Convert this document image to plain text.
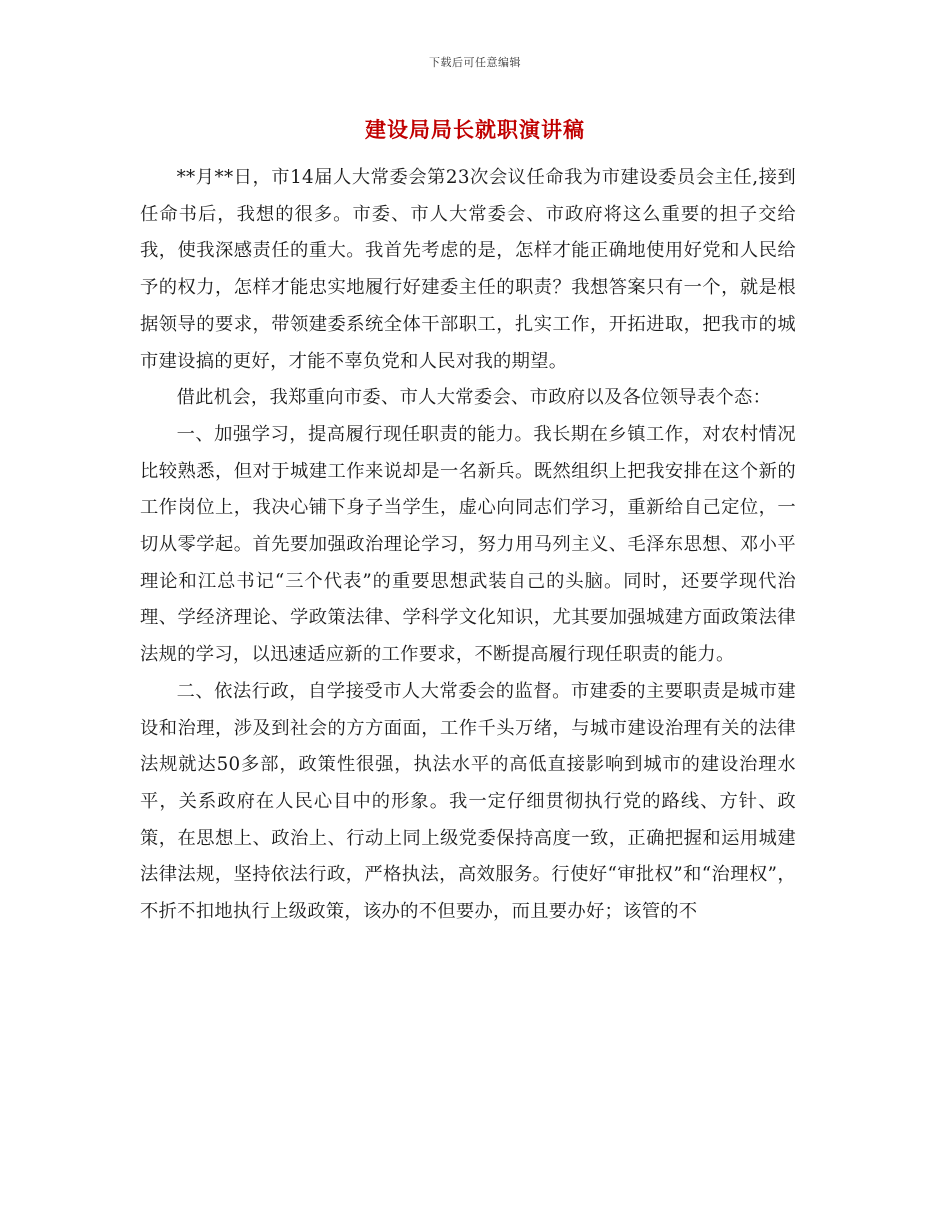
下载后可任意编辑
建设局局长就职演讲稿

**月**日，市14届人大常委会第23次会议任命我为市建设委员会主任,接到任命书后，我想的很多。市委、市人大常委会、市政府将这么重要的担子交给我，使我深感责任的重大。我首先考虑的是，怎样才能正确地使用好党和人民给予的权力，怎样才能忠实地履行好建委主任的职责？我想答案只有一个，就是根据领导的要求，带领建委系统全体干部职工，扎实工作，开拓进取，把我市的城市建设搞的更好，才能不辜负党和人民对我的期望。

借此机会，我郑重向市委、市人大常委会、市政府以及各位领导表个态：

一、加强学习，提高履行现任职责的能力。我长期在乡镇工作，对农村情况比较熟悉，但对于城建工作来说却是一名新兵。既然组织上把我安排在这个新的工作岗位上，我决心铺下身子当学生，虚心向同志们学习，重新给自己定位，一切从零学起。首先要加强政治理论学习，努力用马列主义、毛泽东思想、邓小平理论和江总书记“三个代表”的重要思想武装自己的头脑。同时，还要学现代治理、学经济理论、学政策法律、学科学文化知识，尤其要加强城建方面政策法律法规的学习，以迅速适应新的工作要求，不断提高履行现任职责的能力。

二、依法行政，自学接受市人大常委会的监督。市建委的主要职责是城市建设和治理，涉及到社会的方方面面，工作千头万绪，与城市建设治理有关的法律法规就达50多部，政策性很强，执法水平的高低直接影响到城市的建设治理水平，关系政府在人民心目中的形象。我一定仔细贯彻执行党的路线、方针、政策，在思想上、政治上、行动上同上级党委保持高度一致，正确把握和运用城建法律法规，坚持依法行政，严格执法，高效服务。行使好“审批权”和“治理权”，不折不扣地执行上级政策，该办的不但要办，而且要办好；该管的不
